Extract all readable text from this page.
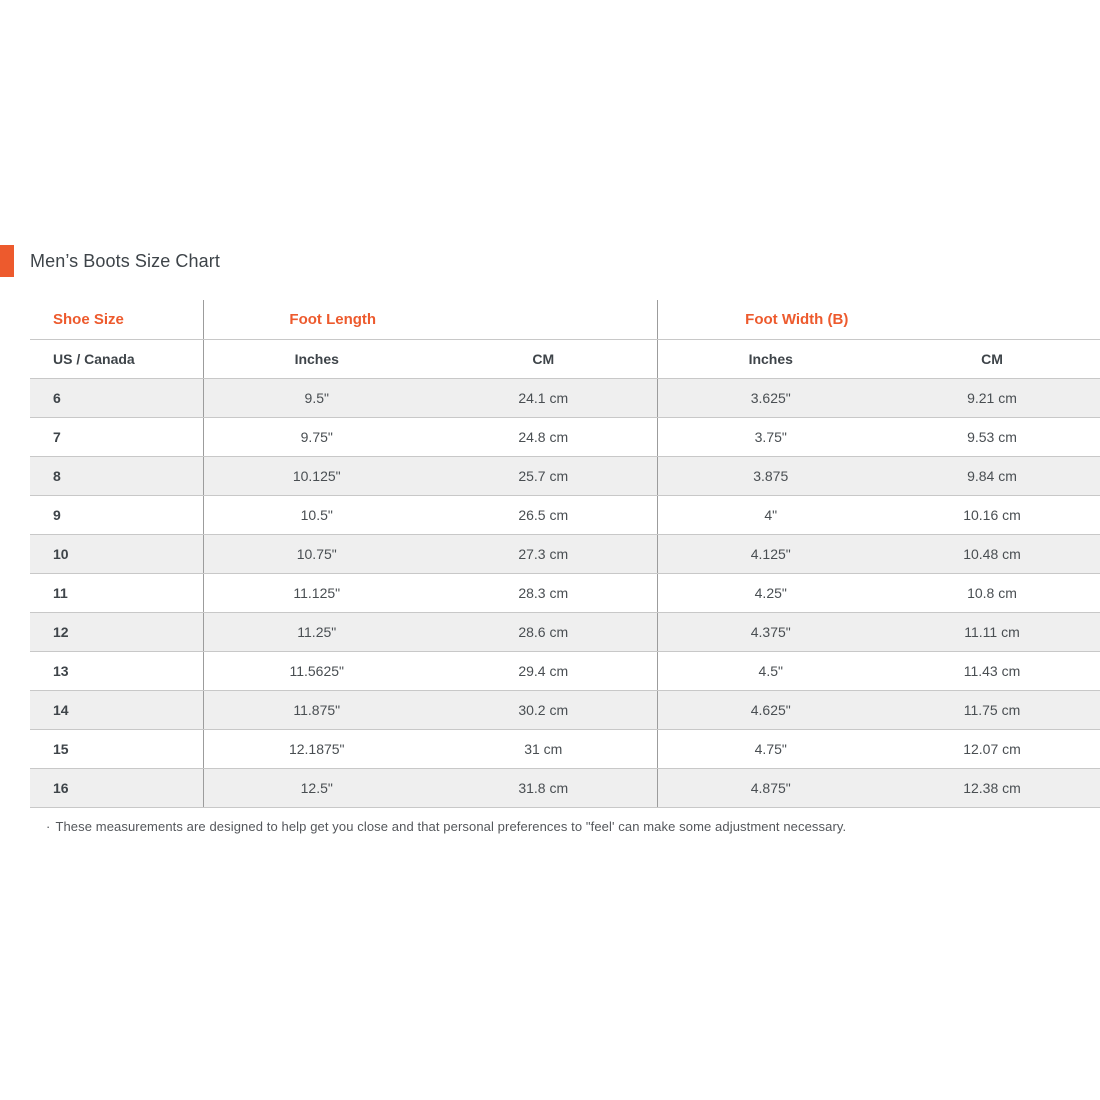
Men’s Boots Size Chart
Shoe Size	Foot Length		Foot Width (B)	
US / Canada	Inches	CM	Inches	CM
6	9.5"	24.1 cm	3.625"	9.21 cm
7	9.75"	24.8 cm	3.75"	9.53 cm
8	10.125"	25.7 cm	3.875	9.84 cm
9	10.5"	26.5 cm	4"	10.16 cm
10	10.75"	27.3 cm	4.125"	10.48 cm
11	11.125"	28.3 cm	4.25"	10.8 cm
12	11.25"	28.6 cm	4.375"	11.11 cm
13	11.5625"	29.4 cm	4.5"	11.43 cm
14	11.875"	30.2 cm	4.625"	11.75 cm
15	12.1875"	31 cm	4.75"	12.07 cm
16	12.5"	31.8 cm	4.875"	12.38 cm
· These measurements are designed to help get you close and that personal preferences to "feel' can make some adjustment necessary.
